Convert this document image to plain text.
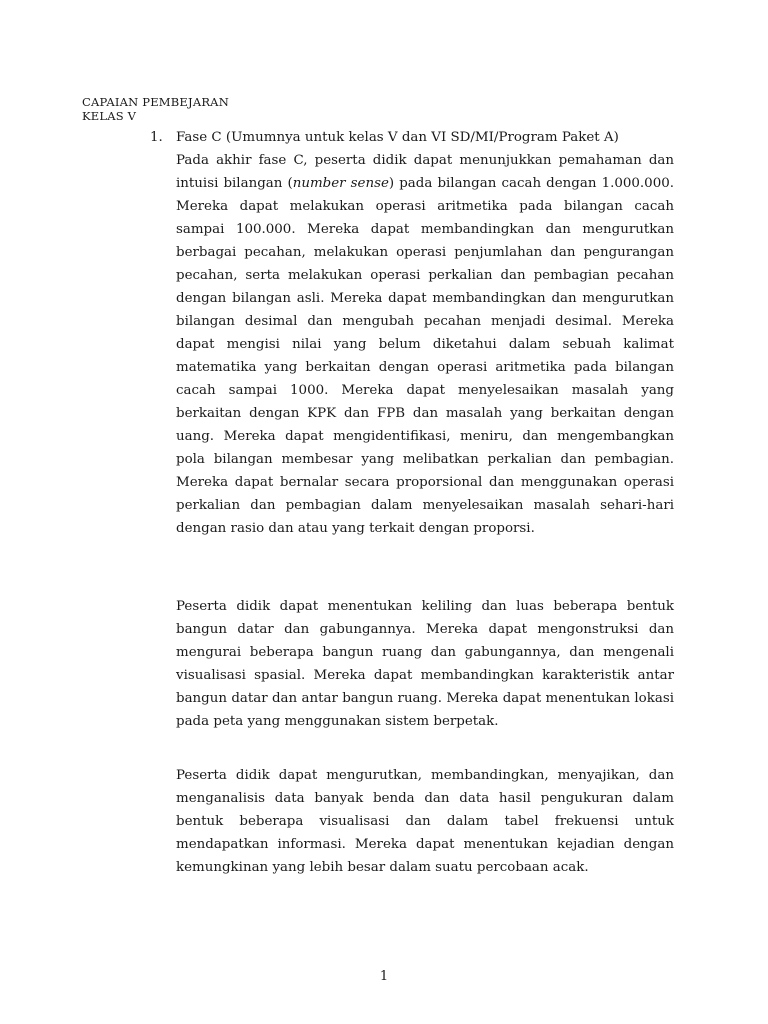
CAPAIAN PEMBEJARAN
KELAS V
1. Fase C (Umumnya untuk kelas V dan VI SD/MI/Program Paket A)

Pada akhir fase C, peserta didik dapat menunjukkan pemahaman dan intuisi bilangan (number sense) pada bilangan cacah dengan 1.000.000. Mereka dapat melakukan operasi aritmetika pada bilangan cacah sampai 100.000. Mereka dapat membandingkan dan mengurutkan berbagai pecahan, melakukan operasi penjumlahan dan pengurangan pecahan, serta melakukan operasi perkalian dan pembagian pecahan dengan bilangan asli. Mereka dapat membandingkan dan mengurutkan bilangan desimal dan mengubah pecahan menjadi desimal. Mereka dapat mengisi nilai yang belum diketahui dalam sebuah kalimat matematika yang berkaitan dengan operasi aritmetika pada bilangan cacah sampai 1000. Mereka dapat menyelesaikan masalah yang berkaitan dengan KPK dan FPB dan masalah yang berkaitan dengan uang. Mereka dapat mengidentifikasi, meniru, dan mengembangkan pola bilangan membesar yang melibatkan perkalian dan pembagian. Mereka dapat bernalar secara proporsional dan menggunakan operasi perkalian dan pembagian dalam menyelesaikan masalah sehari-hari dengan rasio dan atau yang terkait dengan proporsi.

Peserta didik dapat menentukan keliling dan luas beberapa bentuk bangun datar dan gabungannya. Mereka dapat mengonstruksi dan mengurai beberapa bangun ruang dan gabungannya, dan mengenali visualisasi spasial. Mereka dapat membandingkan karakteristik antar bangun datar dan antar bangun ruang. Mereka dapat menentukan lokasi pada peta yang menggunakan sistem berpetak.

Peserta didik dapat mengurutkan, membandingkan, menyajikan, dan menganalisis data banyak benda dan data hasil pengukuran dalam bentuk beberapa visualisasi dan dalam tabel frekuensi untuk mendapatkan informasi. Mereka dapat menentukan kejadian dengan kemungkinan yang lebih besar dalam suatu percobaan acak.

1
